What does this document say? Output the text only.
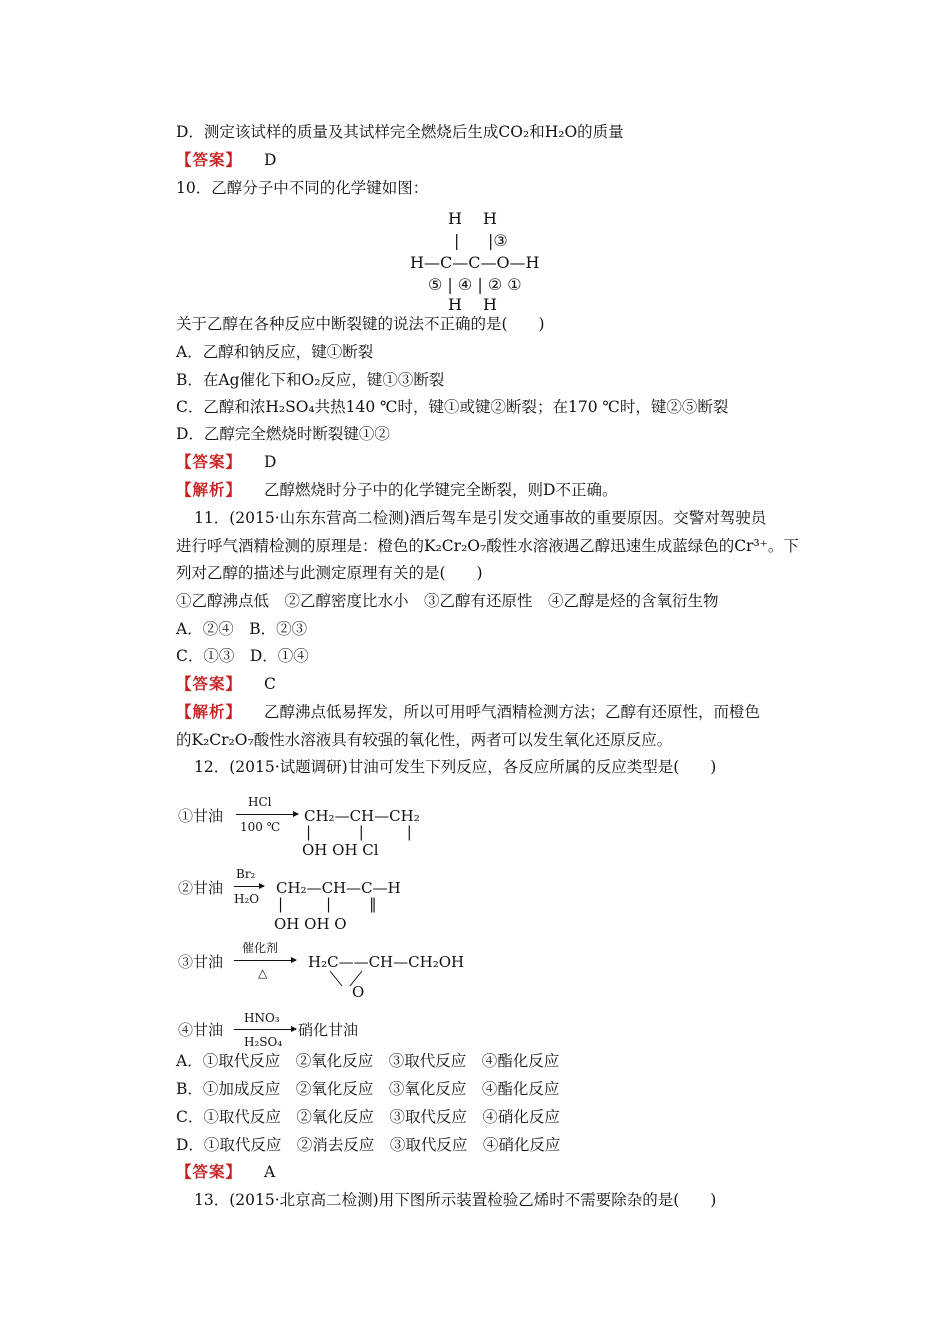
D．测定该试样的质量及其试样完全燃烧后生成CO₂和H₂O的质量
【答案】 D
10．乙醇分子中不同的化学键如图：
H H
| |③
H—C—C—O—H
⑤ | ④ | ② ①
H H
关于乙醇在各种反应中断裂键的说法不正确的是(　　)
A．乙醇和钠反应，键①断裂
B．在Ag催化下和O₂反应，键①③断裂
C．乙醇和浓H₂SO₄共热140 ℃时，键①或键②断裂；在170 ℃时，键②⑤断裂
D．乙醇完全燃烧时断裂键①②
【答案】 D
【解析】 乙醇燃烧时分子中的化学键完全断裂，则D不正确。
11．(2015·山东东营高二检测)酒后驾车是引发交通事故的重要原因。交警对驾驶员
进行呼气酒精检测的原理是：橙色的K₂Cr₂O₇酸性水溶液遇乙醇迅速生成蓝绿色的Cr³⁺。下
列对乙醇的描述与此测定原理有关的是(　　)
①乙醇沸点低　②乙醇密度比水小　③乙醇有还原性　④乙醇是烃的含氧衍生物
A．②④　B．②③
C．①③　D．①④
【答案】 C
【解析】 乙醇沸点低易挥发，所以可用呼气酒精检测方法；乙醇有还原性，而橙色
的K₂Cr₂O₇酸性水溶液具有较强的氧化性，两者可以发生氧化还原反应。
12．(2015·试题调研)甘油可发生下列反应，各反应所属的反应类型是(　　)
①甘油
HCl
100 ℃
CH₂—CH—CH₂
|          |         |
OH OH Cl
②甘油
Br₂
H₂O
CH₂—CH—C—H
|         |        ‖
OH OH O
③甘油
催化剂
△
H₂C——CH—CH₂OH
O
④甘油
HNO₃
H₂SO₄
硝化甘油
A．①取代反应　②氧化反应　③取代反应　④酯化反应
B．①加成反应　②氧化反应　③氧化反应　④酯化反应
C．①取代反应　②氧化反应　③取代反应　④硝化反应
D．①取代反应　②消去反应　③取代反应　④硝化反应
【答案】 A
13．(2015·北京高二检测)用下图所示装置检验乙烯时不需要除杂的是(　　)
